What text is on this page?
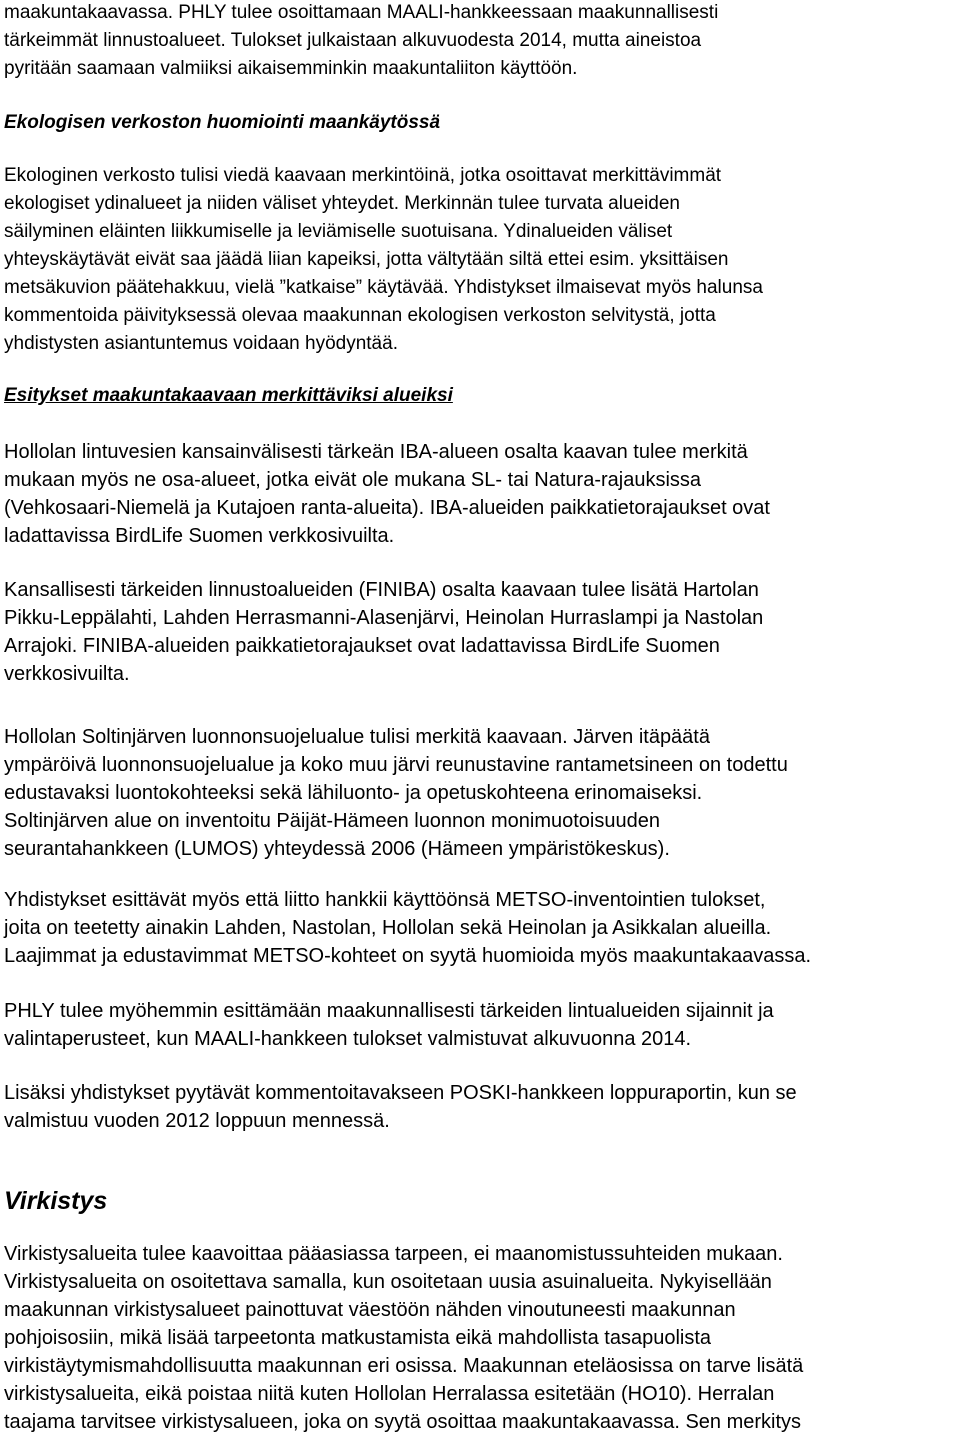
maakuntakaavassa. PHLY tulee osoittamaan MAALI-hankkeessaan maakunnallisesti
tärkeimmät linnustoalueet. Tulokset julkaistaan alkuvuodesta 2014, mutta aineistoa
pyritään saamaan valmiiksi aikaisemminkin maakuntaliiton käyttöön.
Ekologisen verkoston huomiointi maankäytössä
Ekologinen verkosto tulisi viedä kaavaan merkintöinä, jotka osoittavat merkittävimmät
ekologiset ydinalueet ja niiden väliset yhteydet. Merkinnän tulee turvata alueiden
säilyminen eläinten liikkumiselle ja leviämiselle suotuisana. Ydinalueiden väliset
yhteyskäytävät eivät saa jäädä liian kapeiksi, jotta vältytään siltä ettei esim. yksittäisen
metsäkuvion päätehakkuu, vielä ”katkaise” käytävää. Yhdistykset ilmaisevat myös halunsa
kommentoida päivityksessä olevaa maakunnan ekologisen verkoston selvitystä, jotta
yhdistysten asiantuntemus voidaan hyödyntää.
Esitykset maakuntakaavaan merkittäviksi alueiksi
Hollolan lintuvesien kansainvälisesti tärkeän IBA-alueen osalta kaavan tulee merkitä
mukaan myös ne osa-alueet, jotka eivät ole mukana SL- tai Natura-rajauksissa
(Vehkosaari-Niemelä ja Kutajoen ranta-alueita). IBA-alueiden paikkatietorajaukset ovat
ladattavissa BirdLife Suomen verkkosivuilta.
Kansallisesti tärkeiden linnustoalueiden (FINIBA) osalta kaavaan tulee lisätä Hartolan
Pikku-Leppälahti, Lahden Herrasmanni-Alasenjärvi, Heinolan Hurraslampi ja Nastolan
Arrajoki. FINIBA-alueiden paikkatietorajaukset ovat ladattavissa BirdLife Suomen
verkkosivuilta.
Hollolan Soltinjärven luonnonsuojelualue tulisi merkitä kaavaan. Järven itäpäätä
ympäröivä luonnonsuojelualue ja koko muu järvi reunustavine rantametsineen on todettu
edustavaksi luontokohteeksi sekä lähiluonto- ja opetuskohteena erinomaiseksi.
Soltinjärven alue on inventoitu Päijät-Hämeen luonnon monimuotoisuuden
seurantahankkeen (LUMOS) yhteydessä 2006 (Hämeen ympäristökeskus).
Yhdistykset esittävät myös että liitto hankkii käyttöönsä METSO-inventointien tulokset,
joita on teetetty ainakin Lahden, Nastolan, Hollolan sekä Heinolan ja Asikkalan alueilla.
Laajimmat ja edustavimmat METSO-kohteet on syytä huomioida myös maakuntakaavassa.
PHLY tulee myöhemmin esittämään maakunnallisesti tärkeiden lintualueiden sijainnit ja
valintaperusteet, kun MAALI-hankkeen tulokset valmistuvat alkuvuonna 2014.
Lisäksi yhdistykset pyytävät kommentoitavakseen POSKI-hankkeen loppuraportin, kun se
valmistuu vuoden 2012 loppuun mennessä.
Virkistys
Virkistysalueita tulee kaavoittaa pääasiassa tarpeen, ei maanomistussuhteiden mukaan.
Virkistysalueita on osoitettava samalla, kun osoitetaan uusia asuinalueita. Nykyisellään
maakunnan virkistysalueet painottuvat väestöön nähden vinoutuneesti maakunnan
pohjoisosiin, mikä lisää tarpeetonta matkustamista eikä mahdollista tasapuolista
virkistäytymismahdollisuutta maakunnan eri osissa. Maakunnan eteläosissa on tarve lisätä
virkistysalueita, eikä poistaa niitä kuten Hollolan Herralassa esitetään (HO10). Herralan
taajama tarvitsee virkistysalueen, joka on syytä osoittaa maakuntakaavassa. Sen merkitys
